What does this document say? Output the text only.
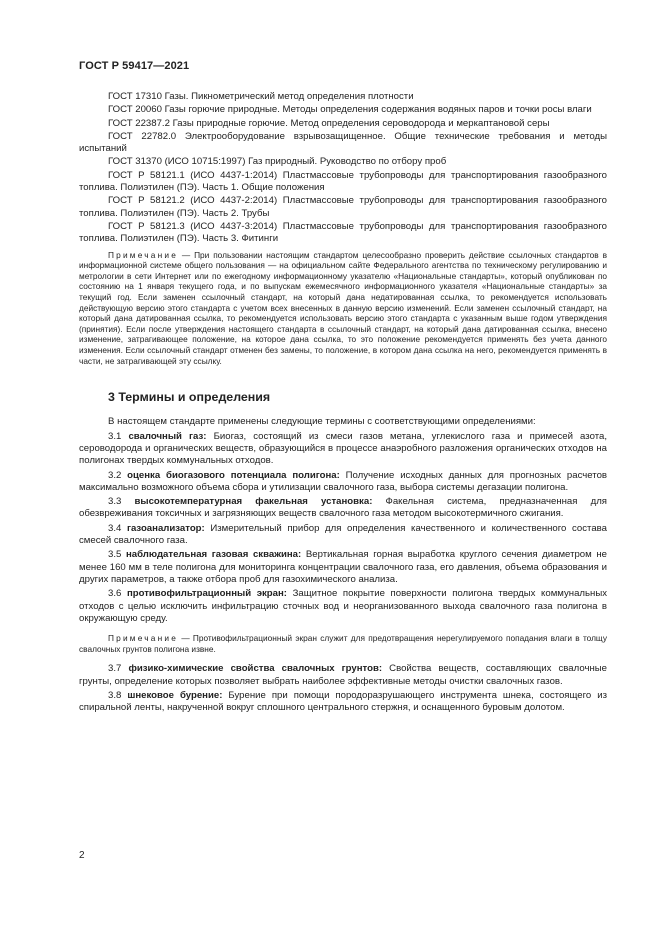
ГОСТ Р 59417—2021

ГОСТ 17310 Газы. Пикнометрический метод определения плотности

ГОСТ 20060 Газы горючие природные. Методы определения содержания водяных паров и точки росы влаги

ГОСТ 22387.2 Газы природные горючие. Метод определения сероводорода и меркаптановой серы

ГОСТ 22782.0 Электрооборудование взрывозащищенное. Общие технические требования и методы испытаний

ГОСТ 31370 (ИСО 10715:1997) Газ природный. Руководство по отбору проб

ГОСТ Р 58121.1 (ИСО 4437-1:2014) Пластмассовые трубопроводы для транспортирования газообразного топлива. Полиэтилен (ПЭ). Часть 1. Общие положения

ГОСТ Р 58121.2 (ИСО 4437-2:2014) Пластмассовые трубопроводы для транспортирования газообразного топлива. Полиэтилен (ПЭ). Часть 2. Трубы

ГОСТ Р 58121.3 (ИСО 4437-3:2014) Пластмассовые трубопроводы для транспортирования газообразного топлива. Полиэтилен (ПЭ). Часть 3. Фитинги

Примечание — При пользовании настоящим стандартом целесообразно проверить действие ссылочных стандартов в информационной системе общего пользования — на официальном сайте Федерального агентства по техническому регулированию и метрологии в сети Интернет или по ежегодному информационному указателю «Национальные стандарты», который опубликован по состоянию на 1 января текущего года, и по выпускам ежемесячного информационного указателя «Национальные стандарты» за текущий год. Если заменен ссылочный стандарт, на который дана недатированная ссылка, то рекомендуется использовать действующую версию этого стандарта с учетом всех внесенных в данную версию изменений. Если заменен ссылочный стандарт, на который дана датированная ссылка, то рекомендуется использовать версию этого стандарта с указанным выше годом утверждения (принятия). Если после утверждения настоящего стандарта в ссылочный стандарт, на который дана датированная ссылка, внесено изменение, затрагивающее положение, на которое дана ссылка, то это положение рекомендуется применять без учета данного изменения. Если ссылочный стандарт отменен без замены, то положение, в котором дана ссылка на него, рекомендуется применять в части, не затрагивающей эту ссылку.

3 Термины и определения

В настоящем стандарте применены следующие термины с соответствующими определениями:

3.1 свалочный газ: Биогаз, состоящий из смеси газов метана, углекислого газа и примесей азота, сероводорода и органических веществ, образующийся в процессе анаэробного разложения органических отходов на полигонах твердых коммунальных отходов.

3.2 оценка биогазового потенциала полигона: Получение исходных данных для прогнозных расчетов максимально возможного объема сбора и утилизации свалочного газа, выбора системы дегазации полигона.

3.3 высокотемпературная факельная установка: Факельная система, предназначенная для обезвреживания токсичных и загрязняющих веществ свалочного газа методом высокотермичного сжигания.

3.4 газоанализатор: Измерительный прибор для определения качественного и количественного состава смесей свалочного газа.

3.5 наблюдательная газовая скважина: Вертикальная горная выработка круглого сечения диаметром не менее 160 мм в теле полигона для мониторинга концентрации свалочного газа, его давления, объема образования и других параметров, а также отбора проб для газохимического анализа.

3.6 противофильтрационный экран: Защитное покрытие поверхности полигона твердых коммунальных отходов с целью исключить инфильтрацию сточных вод и неорганизованного выхода свалочного газа полигона в окружающую среду.

Примечание — Противофильтрационный экран служит для предотвращения нерегулируемого попадания влаги в толщу свалочных грунтов полигона извне.

3.7 физико-химические свойства свалочных грунтов: Свойства веществ, составляющих свалочные грунты, определение которых позволяет выбрать наиболее эффективные методы очистки свалочных газов.

3.8 шнековое бурение: Бурение при помощи породоразрушающего инструмента шнека, состоящего из спиральной ленты, накрученной вокруг сплошного центрального стержня, и оснащенного буровым долотом.

2
